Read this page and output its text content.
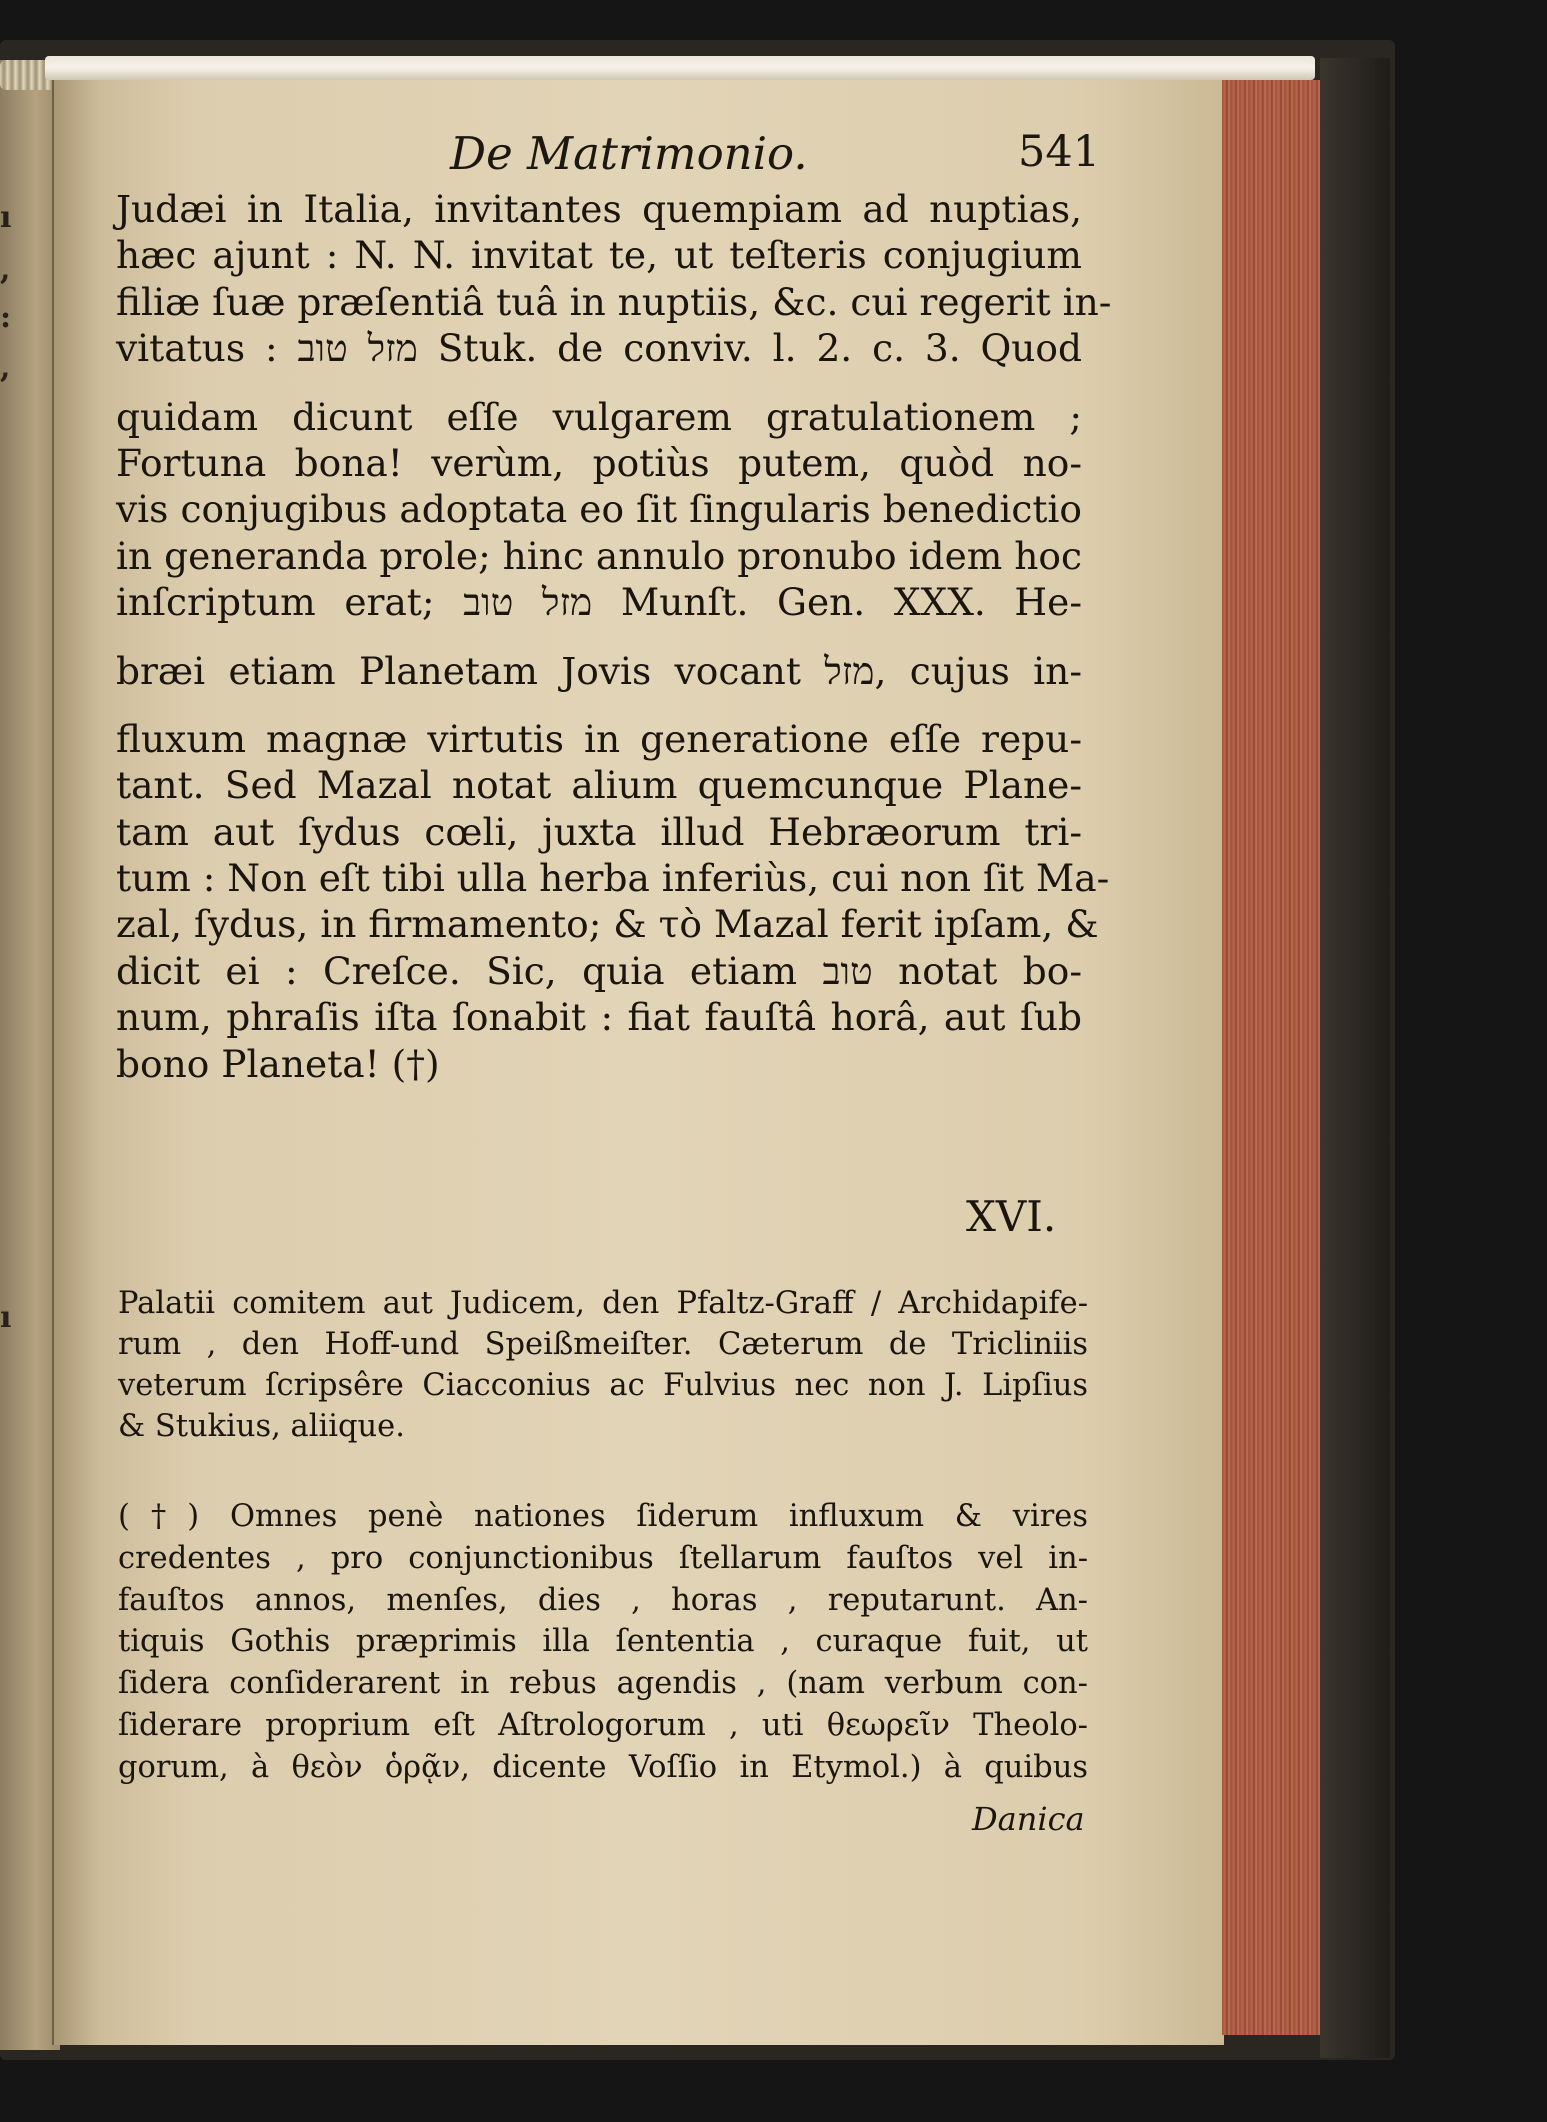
ı
,
:
,
ı
De Matrimonio.	541
Judæi in Italia, invitantes quempiam ad nuptias,
hæc ajunt : N. N. invitat te, ut teſteris conjugium
filiæ ſuæ præſentiâ tuâ in nuptiis, &c. cui regerit in-
vitatus : מזל טוב Stuk. de conviv. l. 2. c. 3. Quod
quidam dicunt eſſe vulgarem gratulationem ;
Fortuna bona! verùm, potiùs putem, quòd no-
vis conjugibus adoptata eo ſit ſingularis benedictio
in generanda prole; hinc annulo pronubo idem hoc
inſcriptum erat; מזל טוב Munſt. Gen. XXX. He-
bræi etiam Planetam Jovis vocant מזל, cujus in-
fluxum magnæ virtutis in generatione eſſe repu-
tant. Sed Mazal notat alium quemcunque Plane-
tam aut ſydus cœli, juxta illud Hebræorum tri-
tum : Non eſt tibi ulla herba inferiùs, cui non ſit Ma-
zal, ſydus, in firmamento; & τὸ Mazal ferit ipſam, &
dicit ei : Creſce. Sic, quia etiam טוב notat bo-
num, phraſis iſta ſonabit : fiat fauſtâ horâ, aut ſub
bono Planeta! (†)
XVI.
Palatii comitem aut Judicem, den Pfaltz-Graff / Archidapife-
rum , den Hoff-und Speißmeiſter. Cæterum de Tricliniis
veterum ſcripsêre Ciacconius ac Fulvius nec non J. Lipſius
& Stukius, aliique.
(†) Omnes penè nationes ſiderum influxum & vires
credentes , pro conjunctionibus ſtellarum fauſtos vel in-
fauſtos annos, menſes, dies , horas , reputarunt. An-
tiquis Gothis præprimis illa ſententia , curaque fuit, ut
ſidera conſiderarent in rebus agendis , (nam verbum con-
ſiderare proprium eſt Aſtrologorum , uti θεωρεῖν Theolo-
gorum, à θεὸν ὁρᾷν, dicente Voſſio in Etymol.) à quibus
Danica
